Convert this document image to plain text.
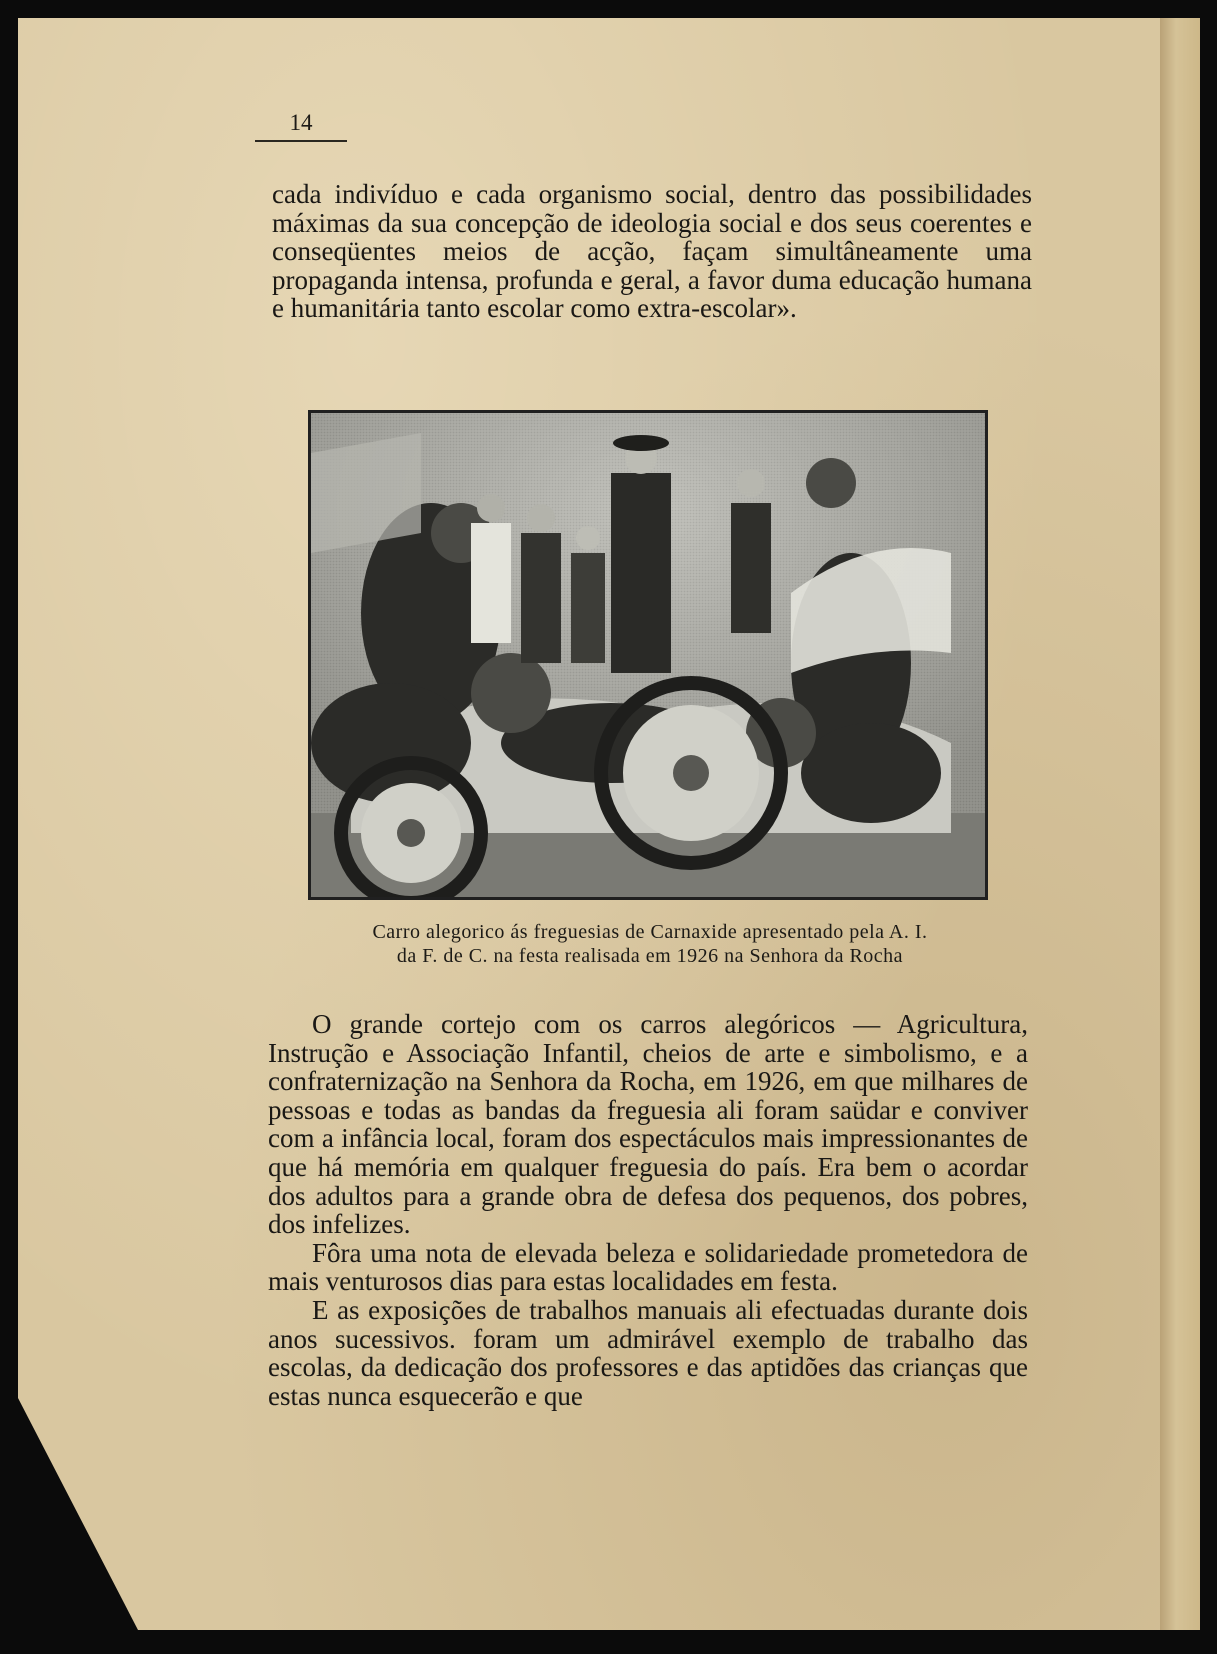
14

cada indivíduo e cada organismo social, dentro das possibilidades máximas da sua concepção de ideologia social e dos seus coerentes e conseqüentes meios de acção, façam simultâneamente uma propaganda intensa, profunda e geral, a favor duma educação humana e humanitária tanto escolar como extra-escolar».

Carro alegorico ás freguesias de Carnaxide apresentado pela A. I.
da F. de C. na festa realisada em 1926 na Senhora da Rocha

O grande cortejo com os carros alegóricos — Agricultura, Instrução e Associação Infantil, cheios de arte e simbolismo, e a confraternização na Senhora da Rocha, em 1926, em que milhares de pessoas e todas as bandas da freguesia ali foram saüdar e conviver com a infância local, foram dos espectáculos mais impressionantes de que há memória em qualquer freguesia do país. Era bem o acordar dos adultos para a grande obra de defesa dos pequenos, dos pobres, dos infelizes.

Fôra uma nota de elevada beleza e solidariedade prometedora de mais venturosos dias para estas localidades em festa.

E as exposições de trabalhos manuais ali efectuadas durante dois anos sucessivos. foram um admirável exemplo de trabalho das escolas, da dedicação dos professores e das aptidões das crianças que estas nunca esquecerão e que
